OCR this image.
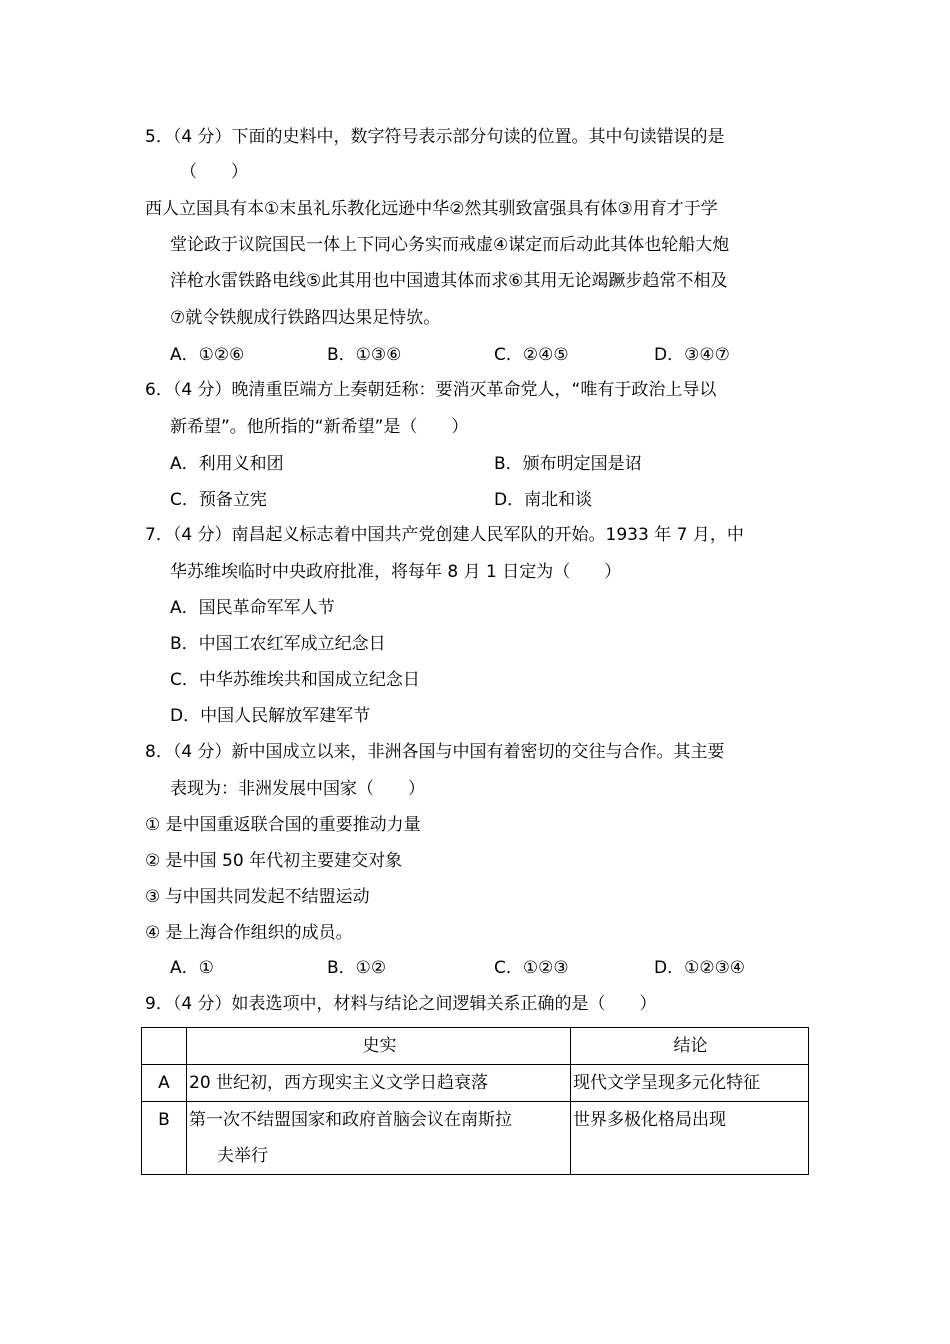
5．（4 分）下面的史料中，数字符号表示部分句读的位置。其中句读错误的是
（　　）
西人立国具有本①末虽礼乐教化远逊中华②然其驯致富强具有体③用育才于学
堂论政于议院国民一体上下同心务实而戒虚④谋定而后动此其体也轮船大炮
洋枪水雷铁路电线⑤此其用也中国遗其体而求⑥其用无论竭蹶步趋常不相及
⑦就令铁舰成行铁路四达果足恃欤。
A．①②⑥	B．①③⑥	C．②④⑤	D．③④⑦
6．（4 分）晚清重臣端方上奏朝廷称：要消灭革命党人，“唯有于政治上导以
新希望”。他所指的“新希望”是（　　）
A．利用义和团	B．颁布明定国是诏
C．预备立宪	D．南北和谈
7．（4 分）南昌起义标志着中国共产党创建人民军队的开始。1933 年 7 月，中
华苏维埃临时中央政府批准，将每年 8 月 1 日定为（　　）
A．国民革命军军人节
B．中国工农红军成立纪念日
C．中华苏维埃共和国成立纪念日
D．中国人民解放军建军节
8．（4 分）新中国成立以来，非洲各国与中国有着密切的交往与合作。其主要
表现为：非洲发展中国家（　　）
① 是中国重返联合国的重要推动力量
② 是中国 50 年代初主要建交对象
③ 与中国共同发起不结盟运动
④ 是上海合作组织的成员。
A．①	B．①②	C．①②③	D．①②③④
9．（4 分）如表选项中，材料与结论之间逻辑关系正确的是（　　）
	史实	结论
A	20 世纪初，西方现实主义文学日趋衰落	现代文学呈现多元化特征
B	第一次不结盟国家和政府首脑会议在南斯拉
夫举行	世界多极化格局出现
